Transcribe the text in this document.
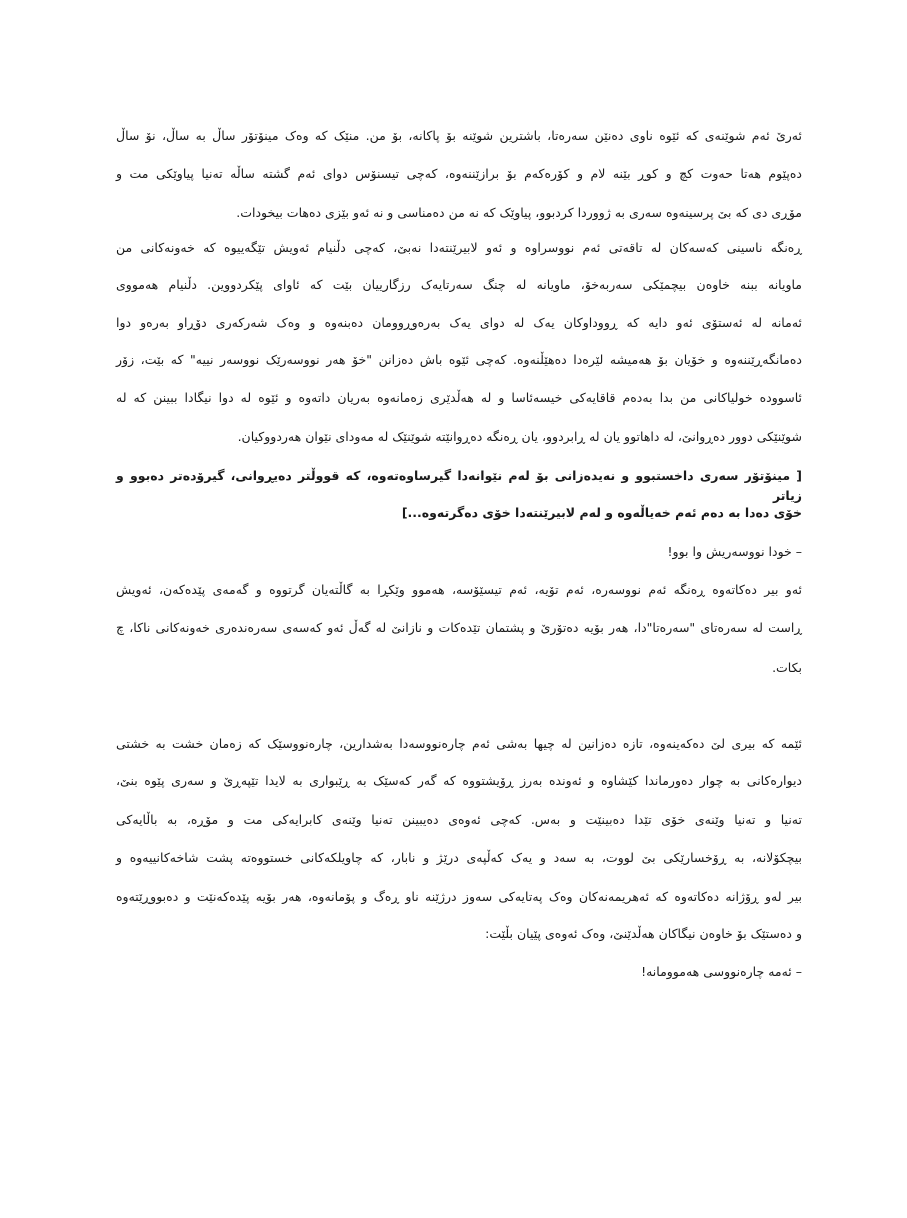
ئەرێ ئەم شوێنەی کە ئێوە ناوی دەنێن سەرەتا، باشترین شوێنە بۆ پاکانە، بۆ من. منێک کە وەک مینۆتۆر ساڵ بە ساڵ، نۆ ساڵ
دەپێوم هەتا حەوت کچ و کوڕ بێنە لام و کۆرەکەم بۆ برازێننەوە، کەچی تیسنۆس دوای ئەم گشتە ساڵە تەنیا پیاوێکی مت و
مۆڕی دی کە بێ پرسینەوە سەری بە ژووردا کردبوو، پیاوێک کە نە من دەمناسی و نە ئەو بێزی دەهات بیخودات.
ڕەنگە ناسینی کەسەکان لە تاقەتی ئەم نووسراوە و ئەو لابیرێنتەدا نەبێ، کەچی دڵنیام ئەویش تێگەییوە کە خەونەکانی من
ماویانە ببنە خاوەن بیچمێکی سەربەخۆ، ماویانە لە چنگ سەرتایەک رزگارییان بێت کە ئاوای پێکردووین. دڵنیام هەمووی
ئەمانە لە ئەستۆی ئەو دایە کە ڕووداوکان یەک لە دوای یەک بەرەوڕوومان دەبنەوە و وەک شەرکەری دۆڕاو بەرەو دوا
دەمانگەڕێننەوە و خۆیان بۆ هەمیشە لێرەدا دەهێڵنەوە. کەچی ئێوە باش دەزانن "خۆ هەر نووسەرێک نووسەر نییە" کە بێت، زۆر
ئاسوودە خولیاکانی من بدا بەدەم قاقایەکی خیسەئاسا و لە هەڵدێری زەمانەوە بەریان داتەوە و ئێوە لە دوا نیگادا ببینن کە لە
شوێنێکی دوور دەڕوانێ، لە داهاتوو یان لە ڕابردوو، یان ڕەنگە دەڕوانێتە شوێنێک لە مەودای نێوان هەردووکیان.
[ مینۆتۆر سەری داخستبوو و نەیدەزانی بۆ لەم نێوانەدا گیرساوەتەوە، کە قووڵتر دەیڕوانی، گیرۆدەتر دەبوو و زیاتر
خۆی دەدا بە دەم ئەم خەیاڵەوە و لەم لابیرێنتەدا خۆی دەگرتەوە...]
– خودا نووسەریش وا بوو!
ئەو بیر دەکاتەوە ڕەنگە ئەم نووسەرە، ئەم تۆیە، ئەم تیسێۆسە، هەموو وێکڕا بە گاڵتەیان گرتووە و گەمەی پێدەکەن، ئەویش
ڕاست لە سەرەتای "سەرەتا"دا، هەر بۆیە دەتۆرێ و پشتمان تێدەکات و نازانێ لە گەڵ ئەو کەسەی سەرەندەری خەونەکانی ناکا، چ
بکات.
ئێمە کە بیری لێ دەکەینەوە، تازە دەزانین لە چیها بەشی ئەم چارەنووسەدا بەشدارین، چارەنووسێک کە زەمان خشت بە خشتی
دیوارەکانی بە چوار دەورماندا کێشاوە و ئەوندە بەرز ڕۆیشتووە کە گەر کەسێک بە ڕێبواری بە لایدا تێپەڕێ و سەری پێوە بنێ،
تەنیا و تەنیا وێنەی خۆی تێدا دەبینێت و بەس. کەچی ئەوەی دەیبینن تەنیا وێنەی کابرایەکی مت و مۆڕە، بە باڵایەکی
بیچکۆلانە، بە ڕۆخسارێکی بێ لووت، بە سەد و یەک کەڵپەی درێژ و نابار، کە چاویلکەکانی خستووەتە پشت شاخەکانییەوە و
بیر لەو ڕۆژانە دەکاتەوە کە ئەهریمەنەکان وەک پەتایەکی سەوز درژێنە ناو ڕەگ و پۆمانەوە، هەر بۆیە پێدەکەنێت و دەبووڕێتەوە
و دەستێک بۆ خاوەن نیگاکان هەڵدێنێ، وەک ئەوەی پێیان بڵێت:
– ئەمە چارەنووسی هەموومانە!
